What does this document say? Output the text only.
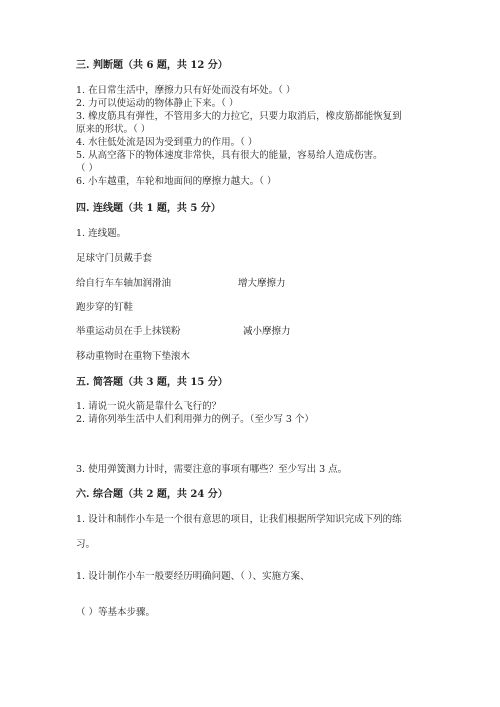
三. 判断题（共 6 题，共 12 分）
1. 在日常生活中，摩擦力只有好处而没有坏处。（ ）
2. 力可以使运动的物体静止下来。（ ）
3. 橡皮筋具有弹性，不管用多大的力拉它，只要力取消后，橡皮筋都能恢复到
原来的形状。（ ）
4. 水往低处流是因为受到重力的作用。（ ）
5. 从高空落下的物体速度非常快，具有很大的能量，容易给人造成伤害。
（ ）
6. 小车越重，车轮和地面间的摩擦力越大。（ ）
四. 连线题（共 1 题，共 5 分）
1. 连线题。
足球守门员戴手套
给自行车车轴加润滑油	增大摩擦力
跑步穿的钉鞋
举重运动员在手上抹镁粉	减小摩擦力
移动重物时在重物下垫滚木
五. 简答题（共 3 题，共 15 分）
1. 请说一说火箭是靠什么飞行的？
2. 请你列举生活中人们利用弹力的例子。（至少写 3 个）
3. 使用弹簧测力计时，需要注意的事项有哪些？至少写出 3 点。
六. 综合题（共 2 题，共 24 分）
1. 设计和制作小车是一个很有意思的项目，让我们根据所学知识完成下列的练
习。
1. 设计制作小车一般要经历明确问题、（ ）、实施方案、
（ ）等基本步骤。
